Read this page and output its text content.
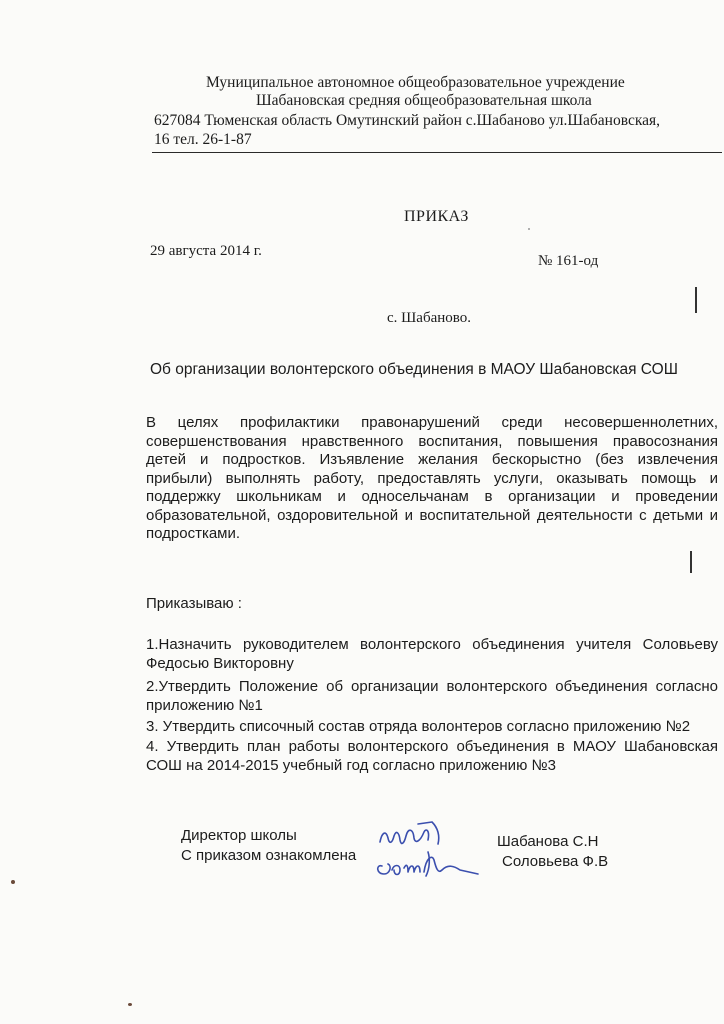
Муниципальное автономное общеобразовательное учреждение
Шабановская средняя общеобразовательная школа
627084 Тюменская область Омутинский район с.Шабаново ул.Шабановская,
16 тел. 26-1-87
ПРИКАЗ
29 августа 2014 г.
№ 161-од
с. Шабаново.
Об организации волонтерского объединения в МАОУ Шабановская СОШ
В целях профилактики правонарушений среди несовершеннолетних, совершенствования нравственного воспитания, повышения правосознания детей и подростков. Изъявление желания бескорыстно (без извлечения прибыли) выполнять работу, предоставлять услуги, оказывать помощь и поддержку школьникам и односельчанам в организации и проведении образовательной, оздоровительной и воспитательной деятельности с детьми и подростками.
Приказываю :
1.Назначить руководителем волонтерского объединения учителя Соловьеву Федосью Викторовну
2.Утвердить Положение об организации волонтерского объединения согласно приложению №1
3. Утвердить списочный состав отряда волонтеров согласно приложению №2
4. Утвердить план работы волонтерского объединения в МАОУ Шабановская СОШ на 2014-2015 учебный год согласно приложению №3
Директор школы	Шабанова С.Н
С приказом ознакомлена	Соловьева Ф.В
